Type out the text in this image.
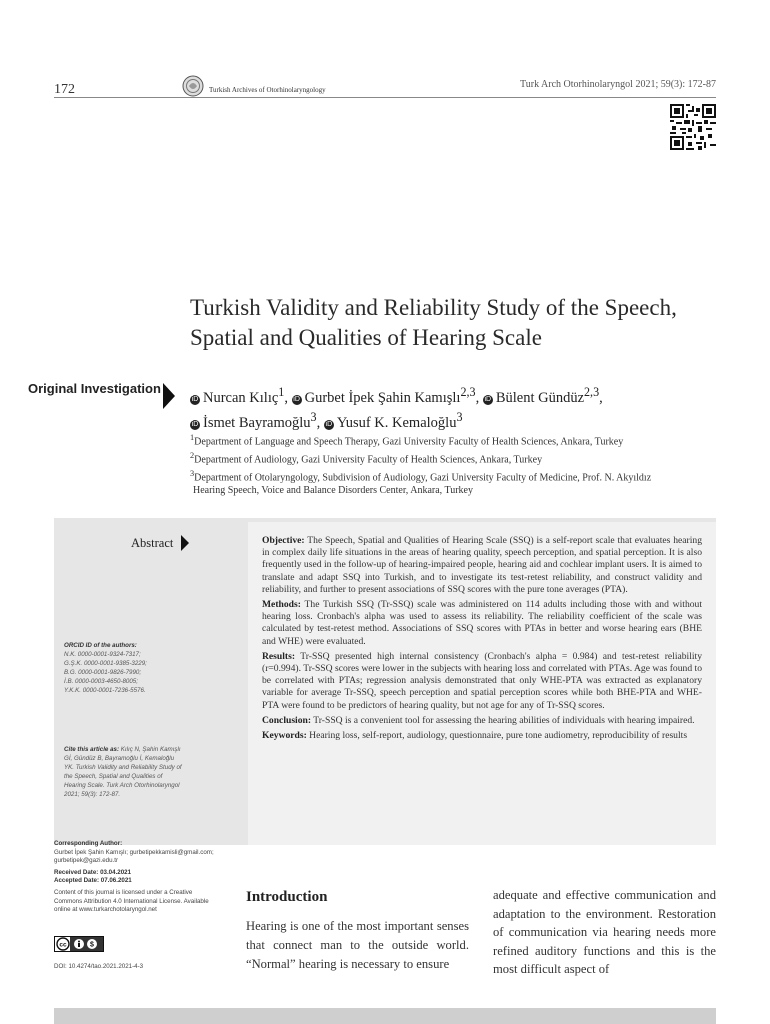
172	Turkish Archives of Otorhinolaryngology	Turk Arch Otorhinolaryngol 2021; 59(3): 172-87
Turkish Validity and Reliability Study of the Speech, Spatial and Qualities of Hearing Scale
Original Investigation
iD Nurcan Kılıç$^1$, iD Gurbet İpek Şahin Kamışlı$^{2,3}$, iD Bülent Gündüz$^{2,3}$,
iD İsmet Bayramoğlu$^3$, iD Yusuf K. Kemaloğlu$^3$
$^1$Department of Language and Speech Therapy, Gazi University Faculty of Health Sciences, Ankara, Turkey
$^2$Department of Audiology, Gazi University Faculty of Health Sciences, Ankara, Turkey
$^3$Department of Otolaryngology, Subdivision of Audiology, Gazi University Faculty of Medicine, Prof. N. Akyıldız
Hearing Speech, Voice and Balance Disorders Center, Ankara, Turkey
Abstract	Objective: The Speech, Spatial and Qualities of Hearing Scale (SSQ) is a self-report scale that evaluates hearing in complex daily life situations in the areas of hearing quality, speech perception, and spatial perception. It is also frequently used in the follow-up of hearing-impaired people, hearing aid and cochlear implant users. It is aimed to translate and adapt SSQ into Turkish, and to investigate its test-retest reliability, and construct validity and reliability, and further to present associations of SSQ scores with the pure tone averages (PTA).

Methods: The Turkish SSQ (Tr-SSQ) scale was administered on 114 adults including those with and without hearing loss. Cronbach's alpha was used to assess its reliability. The reliability coefficient of the scale was calculated by test-retest method. Associations of SSQ scores with PTAs in better and worse hearing ears (BHE and WHE) were evaluated.

Results: Tr-SSQ presented high internal consistency (Cronbach's alpha = 0.984) and test-retest reliability (r=0.994). Tr-SSQ scores were lower in the subjects with hearing loss and correlated with PTAs. Age was found to be correlated with PTAs; regression analysis demonstrated that only WHE-PTA was extracted as explanatory variable for average Tr-SSQ, speech perception and spatial perception scores while both BHE-PTA and WHE-PTA were found to be predictors of hearing quality, but not age for any of Tr-SSQ scores.

Conclusion: Tr-SSQ is a convenient tool for assessing the hearing abilities of individuals with hearing impaired.

Keywords: Hearing loss, self-report, audiology, questionnaire, pure tone audiometry, reproducibility of results

ORCID ID of the authors:
N.K. 0000-0001-9324-7317;
G.Ş.K. 0000-0001-9385-3229;
B.G. 0000-0001-9826-7990;
İ.B. 0000-0003-4650-8005;
Y.K.K. 0000-0001-7236-5576.
Cite this article as: Kılıç N, Şahin Kamışlı Gİ, Gündüz B, Bayramoğlu İ, Kemaloğlu YK. Turkish Validity and Reliability Study of the Speech, Spatial and Qualities of Hearing Scale. Turk Arch Otorhinolaryngol 2021; 59(3): 172-87.
Corresponding Author:
Gurbet İpek Şahin Kamışlı; gurbetipekkamisli@gmail.com; gurbetipek@gazi.edu.tr
Received Date: 03.04.2021
Accepted Date: 07.06.2021
Content of this journal is licensed under a Creative Commons Attribution 4.0 International License. Available online at www.turkarchotolaryngol.net
cc	$
DOI: 10.4274/tao.2021.2021-4-3
Introduction
Hearing is one of the most important senses that connect man to the outside world. “Normal” hearing is necessary to ensure
adequate and effective communication and adaptation to the environment. Restoration of communication via hearing needs more refined auditory functions and this is the most difficult aspect of
